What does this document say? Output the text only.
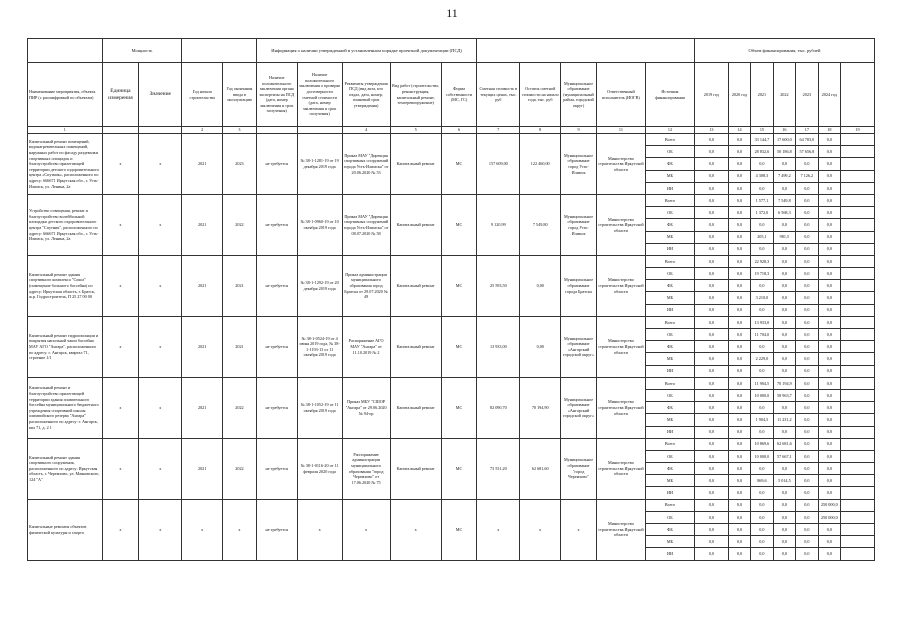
11
	Мощность				Информация о наличии утвержденной в установленном порядке проектной документации (ПСД)										Объем финансирования, тыс. рублей						
Наименование мероприятия, объекта. ПИР (с расшифровкой по объектам)	Единица измерения	Значение	Год начала строительства	Год окончания ввода в эксплуатацию	Наличие положительного заключения органа экспертизы на ПСД (дата, номер заключения и срок получения)	Наличие положительного заключения о проверке достоверности сметной стоимости (дата, номер заключения и срок получения)	Реквизиты утверждения ПСД (вид акта, кто издал, дата, номер, плановый срок утверждения)	Вид работ (строительство, реконструкция, капитальный ремонт, техперевооружение)	Форма собственности (МС, ГС)	Сметная стоимость в текущих ценах, тыс. руб	Остаток сметной стоимости на начало года, тыс. руб	Муниципальное образование (муниципальный район, городской округ)	Ответственный исполнитель (ИОГВ)	Источник финансирования	2019 год	2020 год	2021	2022	2023	2024 год	
1			2	3			4	5	6	7	8	9	11	12	13	14	15	16	17	18	19
Капитальный ремонт помещений, водонагревательных помещений, наружных работ по фасаду раздевалки спортивных площадок и благоустройство прилегающей территории детского оздоровительного центра «Спутник», расположенного по адресу: 666671 Иркутская обл., г. Усть-Илимск, ул. Ленина, 2а	х	х	2021	2023	не требуется	№ 38-1-1281-19 от 19 декабря 2019 года	Приказ МАУ "Дирекция спортивных сооружений города Усть-Илимска" от 20.06.2020 № 53	Капитальный ремонт	МС	157 609,00	122 460,00	Муниципальное образование город Усть-Илимск	Министерство строительства Иркутской области	Всего	0,0	0,0	33 144,7	17 600,0	64 783,0	0,0	
														ОБ	0,0	0,0	28 832,6	50 186,8	57 656,8	0,0	
														ФБ	0,0	0,0	0,0	0,0	0,0	0,0	
														МБ	0,0	0,0	4 308,3	7 499,2	7 126,2	0,0	
														ИИ	0,0	0,0	0,0	0,0	0,0	0,0	
Устройство освещения, ремонт и благоустройство волейбольной площадки детского оздоровительного центра "Спутник", расположенного по адресу: 666671 Иркутская обл., г. Усть-Илимск, ул. Ленина, 2а	х	х	2021	2022	не требуется	№ 38-1-0960-19 от 10 октября 2019 года	Приказ МАУ "Дирекция спортивных сооружений города Усть-Илимска" от 08.07.2020 № 58	Капитальный ремонт	МС	9 120,99	7 549,80	Муниципальное образование город Усть-Илимск	Министерство строительства Иркутской области	Всего	0,0	0,0	1 577,1	7 549,8	0,0	0,0	
														ОБ	0,0	0,0	1 372,0	6 568,3	0,0	0,0	
														ФБ	0,0	0,0	0,0	0,0	0,0	0,0	
														МБ	0,0	0,0	205,1	981,5	0,0	0,0	
														ИИ	0,0	0,0	0,0	0,0	0,0	0,0	
Капитальный ремонт здания спортивного комплекса "Сокол" (помещение большого бассейна) по адресу: Иркутская область, г. Братск, ж.р. Гидростроитель, П 25 27 00 00	х	х	2021	2021	не требуется	№ 38-1-1292-19 от 20 декабря 2019 года	Приказ администрации муниципального образования город Братска от 29.07.2020 № 49	Капитальный ремонт	МС	25 593,50	0,00	Муниципальное образование города Братска	Министерство строительства Иркутской области	Всего	0,0	0,0	22 928,3	0,0	0,0	0,0	
														ОБ	0,0	0,0	19 718,3	0,0	0,0	0,0	
														ФБ	0,0	0,0	0,0	0,0	0,0	0,0	
														МБ	0,0	0,0	3 210,0	0,0	0,0	0,0	
														ИИ	0,0	0,0	0,0	0,0	0,0	0,0	
Капитальный ремонт гидроизоляции и покрытия напольной чаши бассейна МАУ АГО "Ангара", расположенного по адресу: г. Ангарск, квартал 71, строение 1/1	х	х	2021	2021	не требуется	№ 38-1-0524-19 от 4 июня 2019 года, № 38-1-1193-13 от 11 октября 2019 года	Распоряжение АГО МАУ "Ангара" от 11.10.2019 № 2	Капитальный ремонт	МС	13 933,00	0,00	Муниципальное образование «Ангарский городской округ»	Министерство строительства Иркутской области	Всего	0,0	0,0	13 933,0	0,0	0,0	0,0	
														ОБ	0,0	0,0	11 704,0	0,0	0,0	0,0	
														ФБ	0,0	0,0	0,0	0,0	0,0	0,0	
														МБ	0,0	0,0	2 229,0	0,0	0,0	0,0	
														ИИ	0,0	0,0	0,0	0,0	0,0	0,0	
Капитальный ремонт и благоустройство прилегающей территории здания плавательного бассейна муниципального бюджетного учреждения спортивной школы олимпийского резерва "Ангара" расположенного по адресу: г. Ангарск, квл 71, д. 2 1	х	х	2021	2022	не требуется	№ 38-1-1052-19 от 11 октября 2019 года	Приказ МБУ "СШОР "Ангара" от 29.06.2020 № 94-ор	Капитальный ремонт	МС	82 090,70	70 194,90	Муниципальное образование «Ангарский городской округ»	Министерство строительства Иркутской области	Всего	0,0	0,0	11 904,5	70 194,9	0,0	0,0	
														ОБ	0,0	0,0	10 000,0	58 963,7	0,0	0,0	
														ФБ	0,0	0,0	0,0	0,0	0,0	0,0	
														МБ	0,0	0,0	1 904,5	11 231,2	0,0	0,0	
														ИИ	0,0	0,0	0,0	0,0	0,0	0,0	
Капитальный ремонт здания спортивного сооружения, расположенного по адресу: Иркутская область, г. Черемхово, ул. Маяковского, 124 "А"	х	х	2021	2022	не требуется	№ 38-1-0116-20 от 11 февраля 2020 года	Распоряжение администрации муниципального образования "город Черемхово" от 17.06.2020 № 75	Капитальный ремонт	МС	73 531,20	62 681,60	Муниципальное образование "город Черемхово"	Министерство строительства Иркутской области	Всего	0,0	0,0	10 869,6	62 681,6	0,0	0,0	
														ОБ	0,0	0,0	10 000,0	57 667,1	0,0	0,0	
														ФБ	0,0	0,0	0,0	0,0	0,0	0,0	
														МБ	0,0	0,0	869,6	5 014,5	0,0	0,0	
														ИИ	0,0	0,0	0,0	0,0	0,0	0,0	
Капитальные ремонты объектов физической культуры и спорта	х	х	х	х	не требуется	х	х	х	МС	х	х	х	Министерство строительства Иркутской области	Всего	0,0	0,0	0,0	0,0	0,0	250 000,0	
														ОБ	0,0	0,0	0,0	0,0	0,0	250 000,0	
														ФБ	0,0	0,0	0,0	0,0	0,0	0,0	
														МБ	0,0	0,0	0,0	0,0	0,0	0,0	
														ИИ	0,0	0,0	0,0	0,0	0,0	0,0	
